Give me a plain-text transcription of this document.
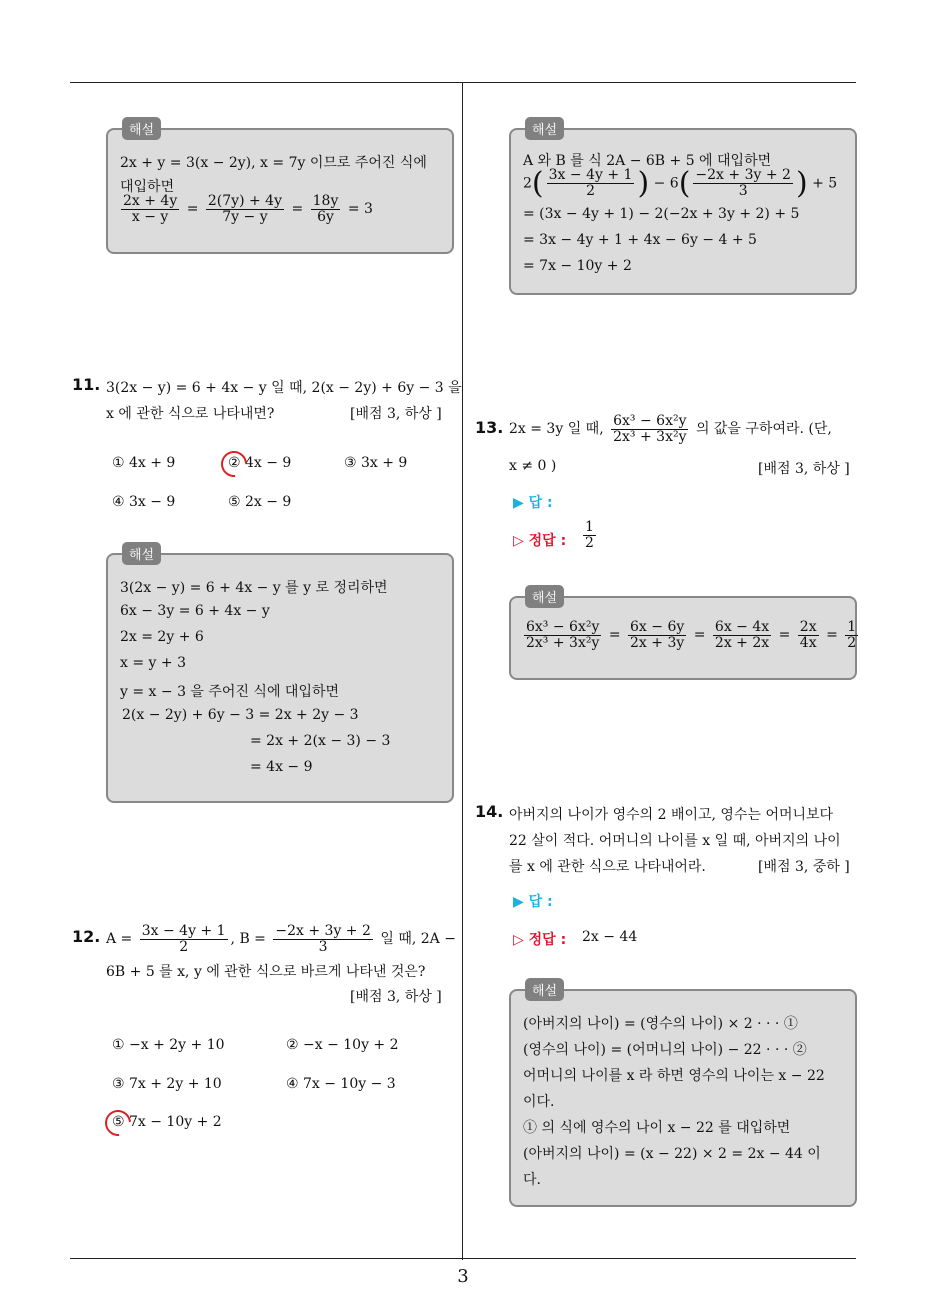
3
해설
2x + y = 3(x − 2y), x = 7y 이므로 주어진 식에
대입하면
$\frac{2x + 4y}{x - y} = \frac{2(7y) + 4y}{7y - y} = \frac{18y}{6y} = 3$
11. 3(2x − y) = 6 + 4x − y 일 때, 2(x − 2y) + 6y − 3 을
x 에 관한 식으로 나타내면?	[배점 3, 하상 ]
① 4x + 9	② 4x − 9	③ 3x + 9
④ 3x − 9	⑤ 2x − 9
해설
3(2x − y) = 6 + 4x − y 를 y 로 정리하면
6x − 3y = 6 + 4x − y
2x = 2y + 6
x = y + 3
y = x − 3 을 주어진 식에 대입하면
2(x − 2y) + 6y − 3 = 2x + 2y − 3
= 2x + 2(x − 3) − 3
= 4x − 9
12. $A = \frac{3x - 4y + 1}{2}$ , $B = \frac{-2x + 3y + 2}{3}$ 일 때, 2A −
6B + 5 를 x, y 에 관한 식으로 바르게 나타낸 것은?
[배점 3, 하상 ]
① −x + 2y + 10	② −x − 10y + 2
③ 7x + 2y + 10	④ 7x − 10y − 3
⑤ 7x − 10y + 2
해설
A 와 B 를 식 2A − 6B + 5 에 대입하면
$2( \frac{3x - 4y + 1}{2}$ ) − $6( \frac{-2x + 3y + 2}{3}$ ) + 5
= (3x − 4y + 1) − 2(−2x + 3y + 2) + 5
= 3x − 4y + 1 + 4x − 6y − 4 + 5
= 7x − 10y + 2
13. 2x = 3y 일 때, $\frac{\text{6x³ − 6x²y}}{\text{2x³ + 3x²y}}$ 의 값을 구하여라. (단,
x ≠ 0 )	[배점 3, 하상 ]
▶ 답 :
▷ 정답 : $\frac{1}{2}$
해설
$\frac{\text{6x³ − 6x²y}}{\text{2x³ + 3x²y}} = \frac{6x - 6y}{2x + 3y} = \frac{6x - 4x}{2x + 2x} = \frac{2x}{4x} = \frac{1}{2}$
14. 아버지의 나이가 영수의 2 배이고, 영수는 어머니보다
22 살이 적다. 어머니의 나이를 x 일 때, 아버지의 나이
를 x 에 관한 식으로 나타내어라.	[배점 3, 중하 ]
▶ 답 :
▷ 정답 : 2x − 44
해설
(아버지의 나이) = (영수의 나이) × 2 · · · ①
(영수의 나이) = (어머니의 나이) − 22 · · · ②
어머니의 나이를 x 라 하면 영수의 나이는 x − 22
이다.
① 의 식에 영수의 나이 x − 22 를 대입하면
(아버지의 나이) = (x − 22) × 2 = 2x − 44 이
다.
